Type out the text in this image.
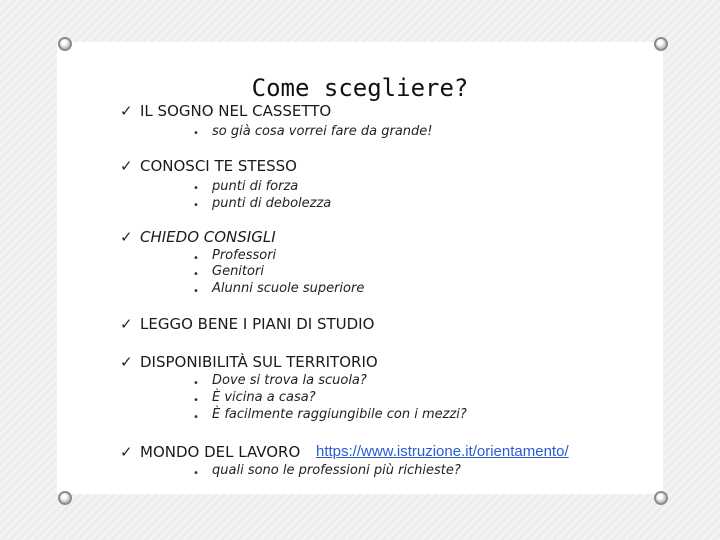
Come scegliere?
✓ IL SOGNO NEL CASSETTO
• so già cosa vorrei fare da grande!
✓ CONOSCI TE STESSO
• punti di forza
• punti di debolezza
✓ CHIEDO CONSIGLI
• Professori
• Genitori
• Alunni scuole superiore
✓ LEGGO BENE I PIANI DI STUDIO
✓ DISPONIBILITÀ SUL TERRITORIO
• Dove si trova la scuola?
• È vicina a casa?
• È facilmente raggiungibile con i mezzi?
✓ MONDO DEL LAVORO https://www.istruzione.it/orientamento/
• quali sono le professioni più richieste?
